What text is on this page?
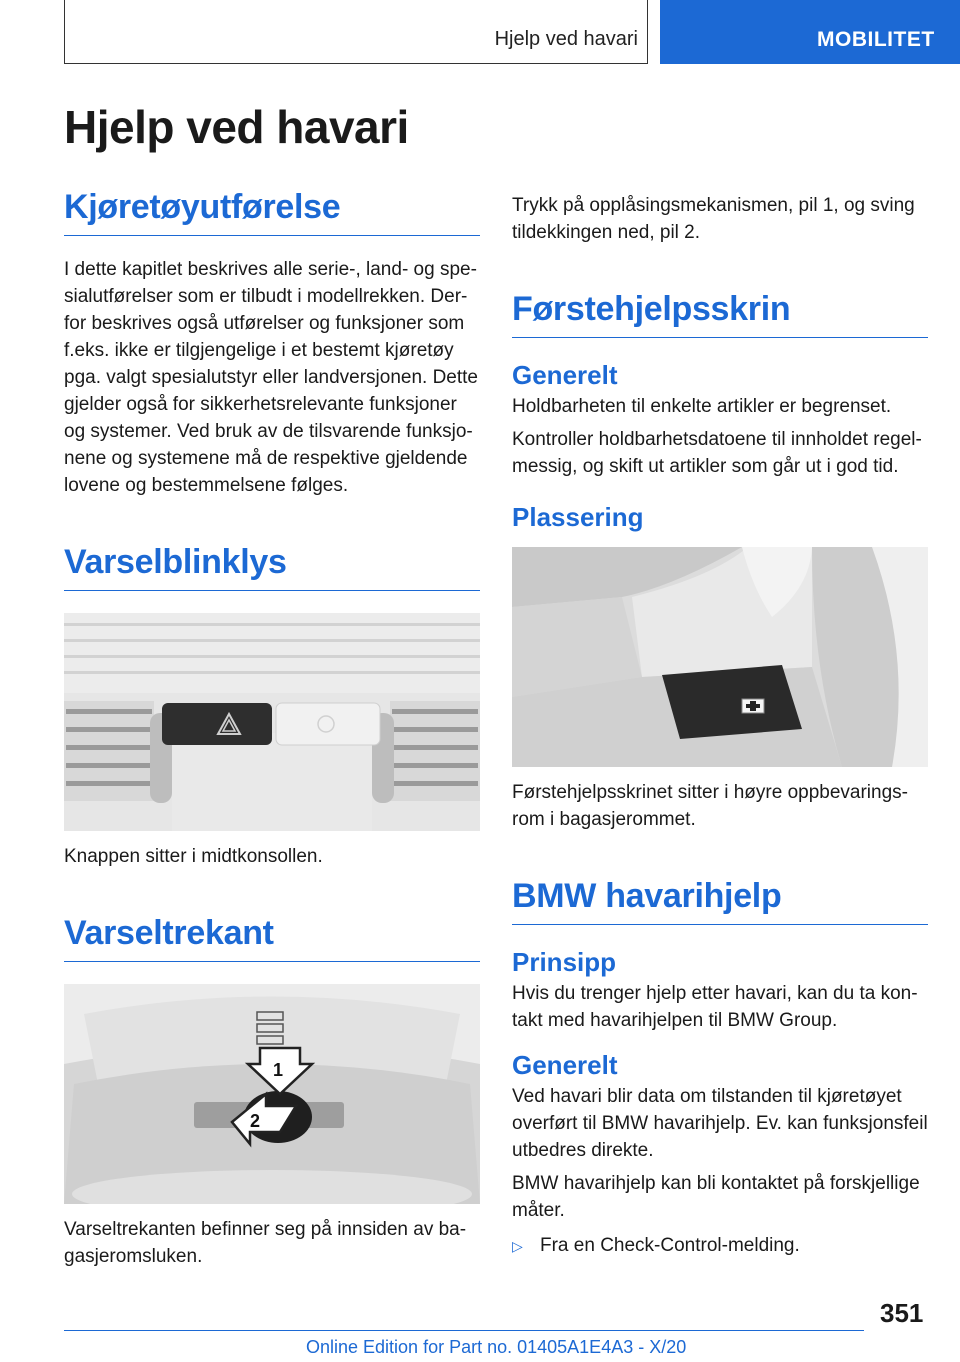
Hjelp ved havari	MOBILITET
Hjelp ved havari
Kjøretøyutførelse

I dette kapitlet beskrives alle serie-, land- og spesialutførelser som er tilbudt i modellrekken. Derfor beskrives også utførelser og funksjoner som f.eks. ikke er tilgjengelige i et bestemt kjøretøy pga. valgt spesialutstyr eller landversjonen. Dette gjelder også for sikkerhetsrelevante funksjoner og systemer. Ved bruk av de tilsvarende funksjonene og systemene må de respektive gjeldende lovene og bestemmelsene følges.

Varselblinklys

Knappen sitter i midtkonsollen.

Varseltrekant
1
2

Varseltrekanten befinner seg på innsiden av bagasjeromsluken.

Trykk på opplåsingsmekanismen, pil 1, og sving tildekkingen ned, pil 2.

Førstehjelpsskrin
Generelt

Holdbarheten til enkelte artikler er begrenset.

Kontroller holdbarhetsdatoene til innholdet regelmessig, og skift ut artikler som går ut i god tid.

Plassering

Førstehjelpsskrinet sitter i høyre oppbevaringsrom i bagasjerommet.

BMW havarihjelp
Prinsipp

Hvis du trenger hjelp etter havari, kan du ta kontakt med havarihjelpen til BMW Group.

Generelt

Ved havari blir data om tilstanden til kjøretøyet overført til BMW havarihjelp. Ev. kan funksjonsfeil utbedres direkte.

BMW havarihjelp kan bli kontaktet på forskjellige måter.

▷ Fra en Check-Control-melding.

351
Online Edition for Part no. 01405A1E4A3 - X/20
